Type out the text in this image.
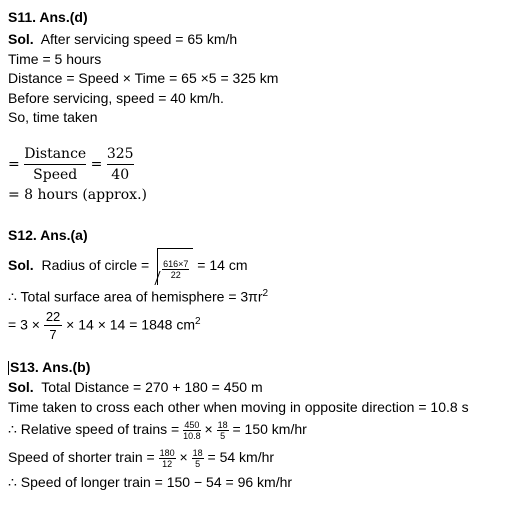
S11. Ans.(d)
Sol. After servicing speed = 65 km/h
Time = 5 hours
Distance = Speed × Time = 65 ×5 = 325 km
Before servicing, speed = 40 km/h.
So, time taken
= $\frac{\text{Distance}}{\text{Speed}} = \frac{325}{40}$
= 8 hours (approx.)
S12. Ans.(a)
Sol. Radius of circle = $\frac{616\times 7}{22} = 14$ cm
∴ Total surface area of hemisphere = $3\pi r^2$
= $3 \times \frac{22}{7} \times 14 \times 14 = 1848$ $cm^2$
S13. Ans.(b)
Sol. Total Distance = 270 + 180 = 450 m
Time taken to cross each other when moving in opposite direction = 10.8 s
∴ Relative speed of trains = $\frac{450}{10.8} \times \frac{18}{5} = 150$ km/hr
Speed of shorter train = $\frac{180}{12} \times \frac{18}{5} = 54$ km/hr
∴ Speed of longer train = 150 − 54 = 96 km/hr
